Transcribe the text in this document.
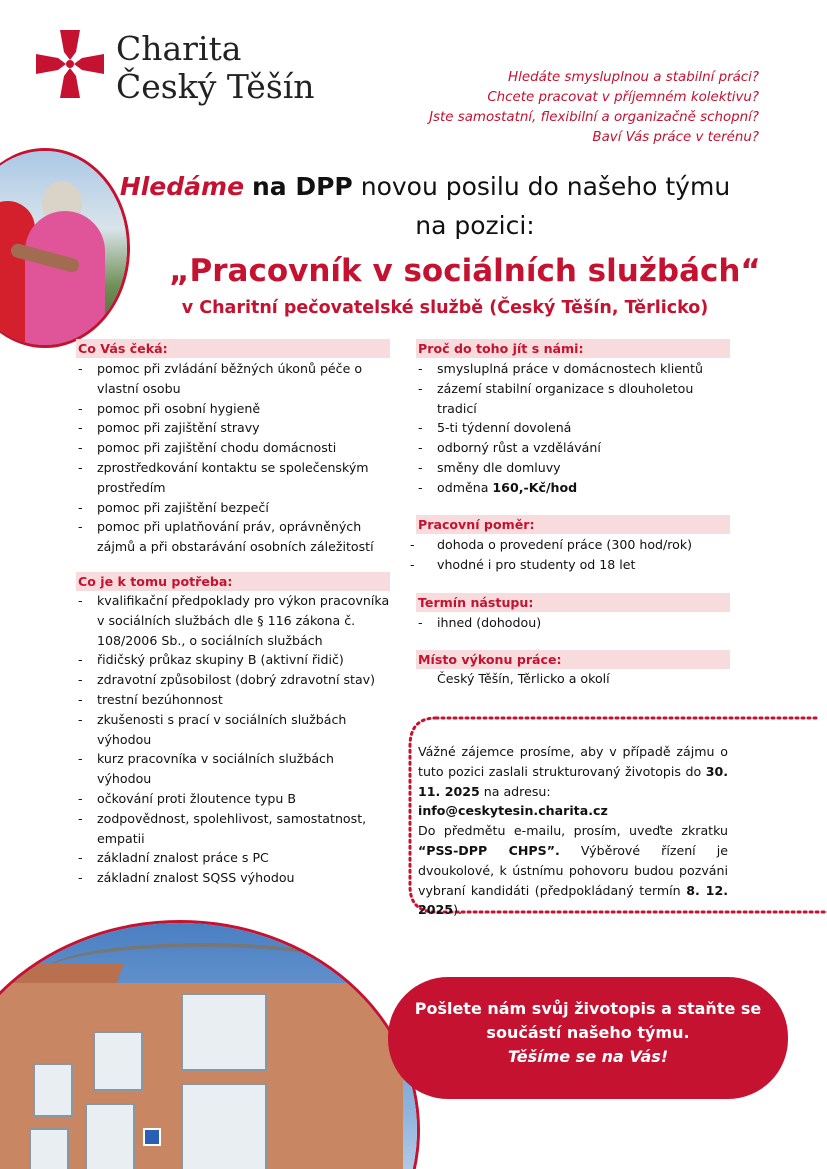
Charita
Český Těšín	Hledáte smysluplnou a stabilní práci?
Chcete pracovat v příjemném kolektivu?
Jste samostatní, flexibilní a organizačně schopní?
Baví Vás práce v terénu?
Hledáme na DPP novou posilu do našeho týmu
na pozici:
„Pracovník v sociálních službách“
v Charitní pečovatelské službě (Český Těšín, Těrlicko)
Co Vás čeká:
- pomoc při zvládání běžných úkonů péče o vlastní osobu
- pomoc při osobní hygieně
- pomoc při zajištění stravy
- pomoc při zajištění chodu domácnosti
- zprostředkování kontaktu se společenským prostředím
- pomoc při zajištění bezpečí
- pomoc při uplatňování práv, oprávněných zájmů a při obstarávání osobních záležitostí
Co je k tomu potřeba:
- kvalifikační předpoklady pro výkon pracovníka v sociálních službách dle § 116 zákona č. 108/2006 Sb., o sociálních službách
- řidičský průkaz skupiny B (aktivní řidič)
- zdravotní způsobilost (dobrý zdravotní stav)
- trestní bezúhonnost
- zkušenosti s prací v sociálních službách výhodou
- kurz pracovníka v sociálních službách výhodou
- očkování proti žloutence typu B
- zodpovědnost, spolehlivost, samostatnost, empatii
- základní znalost práce s PC
- základní znalost SQSS výhodou
Proč do toho jít s námi:
- smysluplná práce v domácnostech klientů
- zázemí stabilní organizace s dlouholetou tradicí
- 5-ti týdenní dovolená
- odborný růst a vzdělávání
- směny dle domluvy
- odměna 160,-Kč/hod
Pracovní poměr:
- dohoda o provedení práce (300 hod/rok)
- vhodné i pro studenty od 18 let
Termín nástupu:
- ihned (dohodou)
Místo výkonu práce:
Český Těšín, Těrlicko a okolí
Vážné zájemce prosíme, aby v případě zájmu o tuto pozici zaslali strukturovaný životopis do 30. 11. 2025 na adresu:
info@ceskytesin.charita.cz
Do předmětu e-mailu, prosím, uveďte zkratku “PSS-DPP CHPS”. Výběrové řízení je dvoukolové, k ústnímu pohovoru budou pozváni vybraní kandidáti (předpokládaný termín 8. 12. 2025).
Pošlete nám svůj životopis a staňte se
součástí našeho týmu.
Těšíme se na Vás!
